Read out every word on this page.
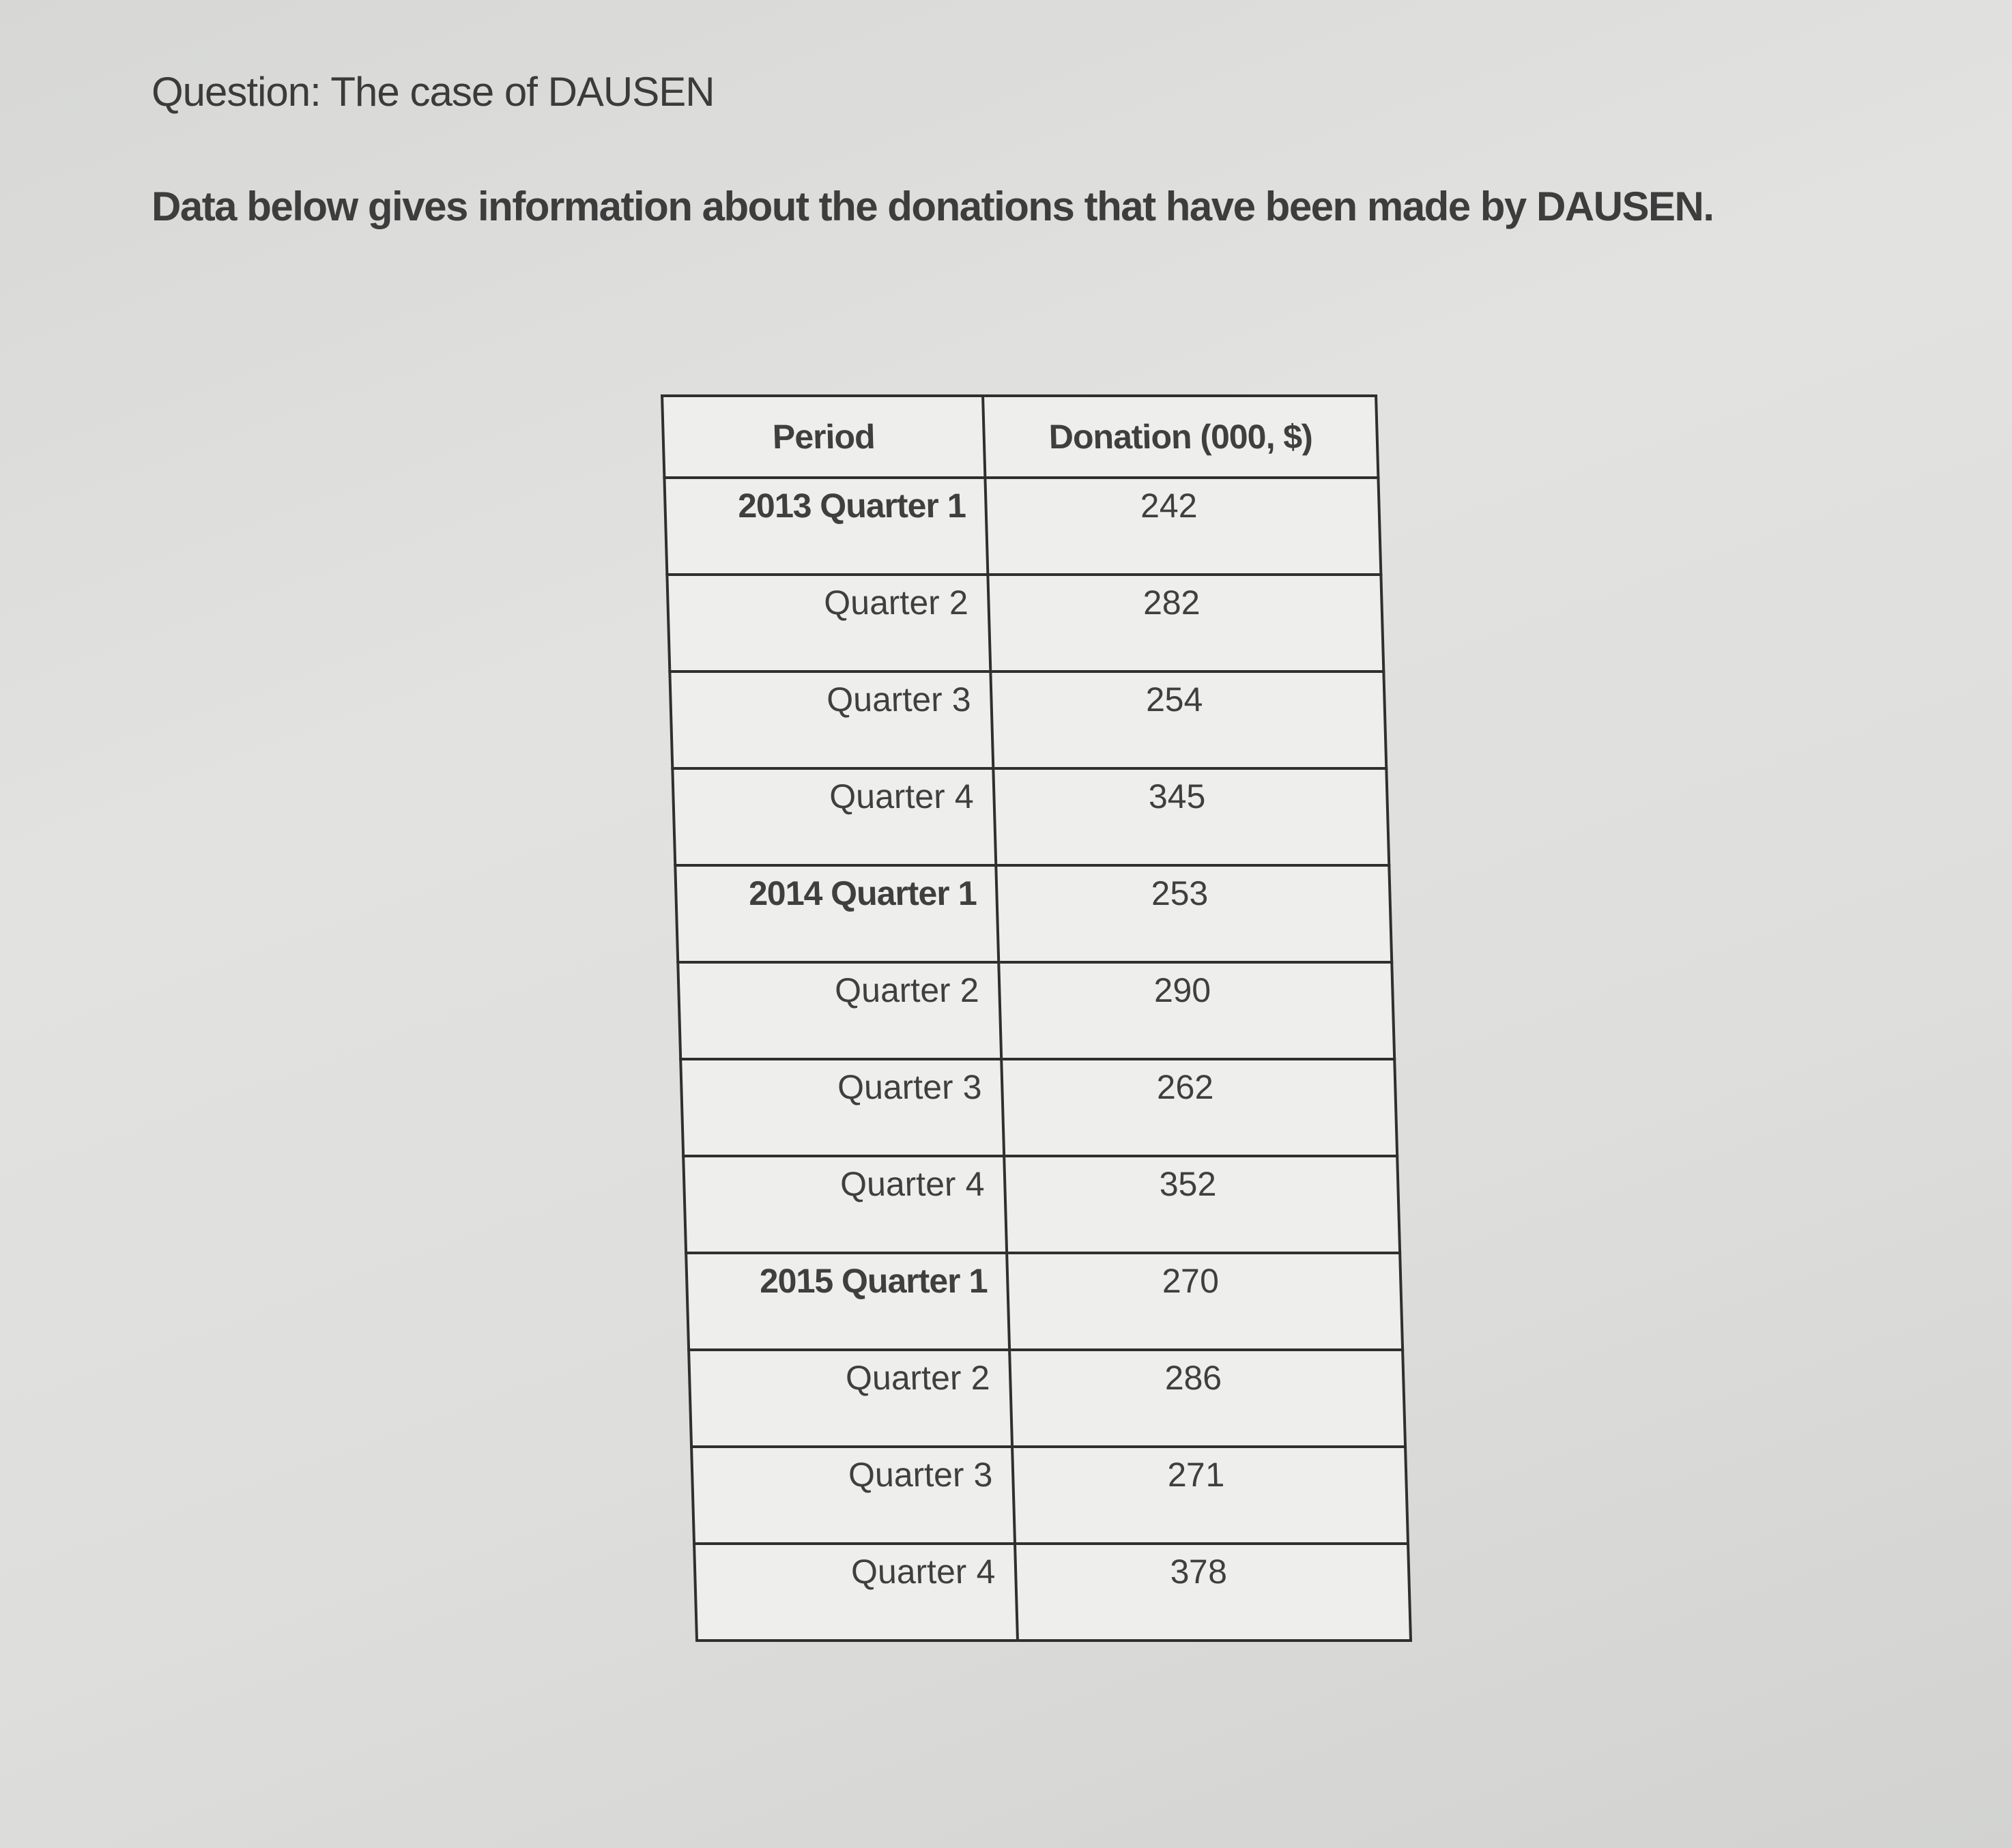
Question: The case of DAUSEN
Data below gives information about the donations that have been made by DAUSEN.
Period	Donation (000, $)
2013 Quarter 1	242
Quarter 2	282
Quarter 3	254
Quarter 4	345
2014 Quarter 1	253
Quarter 2	290
Quarter 3	262
Quarter 4	352
2015 Quarter 1	270
Quarter 2	286
Quarter 3	271
Quarter 4	378
